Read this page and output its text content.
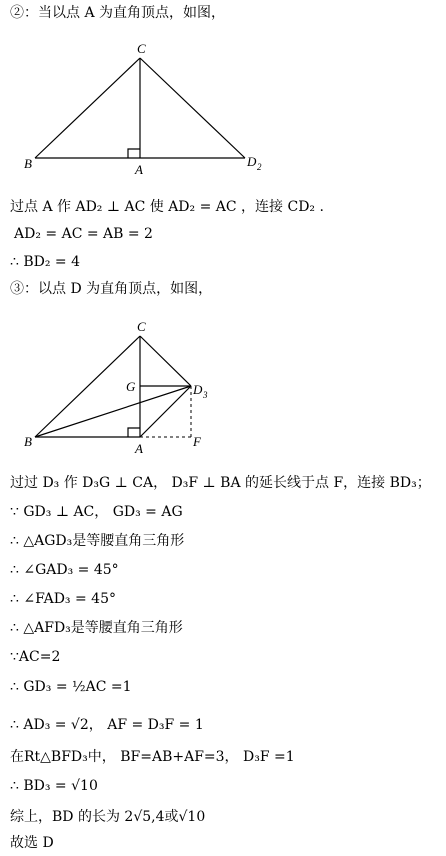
②：当以点 A 为直角顶点，如图，
C
B	A
D 2
C
G	D 3
B	A	F
过点 A 作 AD₂ ⊥ AC 使 AD₂ = AC ，连接 CD₂ .
AD₂ = AC = AB = 2
∴ BD₂ = 4
③：以点 D 为直角顶点，如图，
过过 D₃ 作 D₃G ⊥ CA， D₃F ⊥ BA 的延长线于点 F，连接 BD₃；
∵ GD₃ ⊥ AC， GD₃ = AG
∴ △AGD₃是等腰直角三角形
∴ ∠GAD₃ = 45°
∴ ∠FAD₃ = 45°
∴ △AFD₃是等腰直角三角形
∵AC=2
∴ GD₃ = ½AC =1
∴ AD₃ = √2， AF = D₃F = 1
在Rt△BFD₃中， BF=AB+AF=3， D₃F =1
∴ BD₃ = √10
综上，BD 的长为 2√5,4或√10
故选 D
